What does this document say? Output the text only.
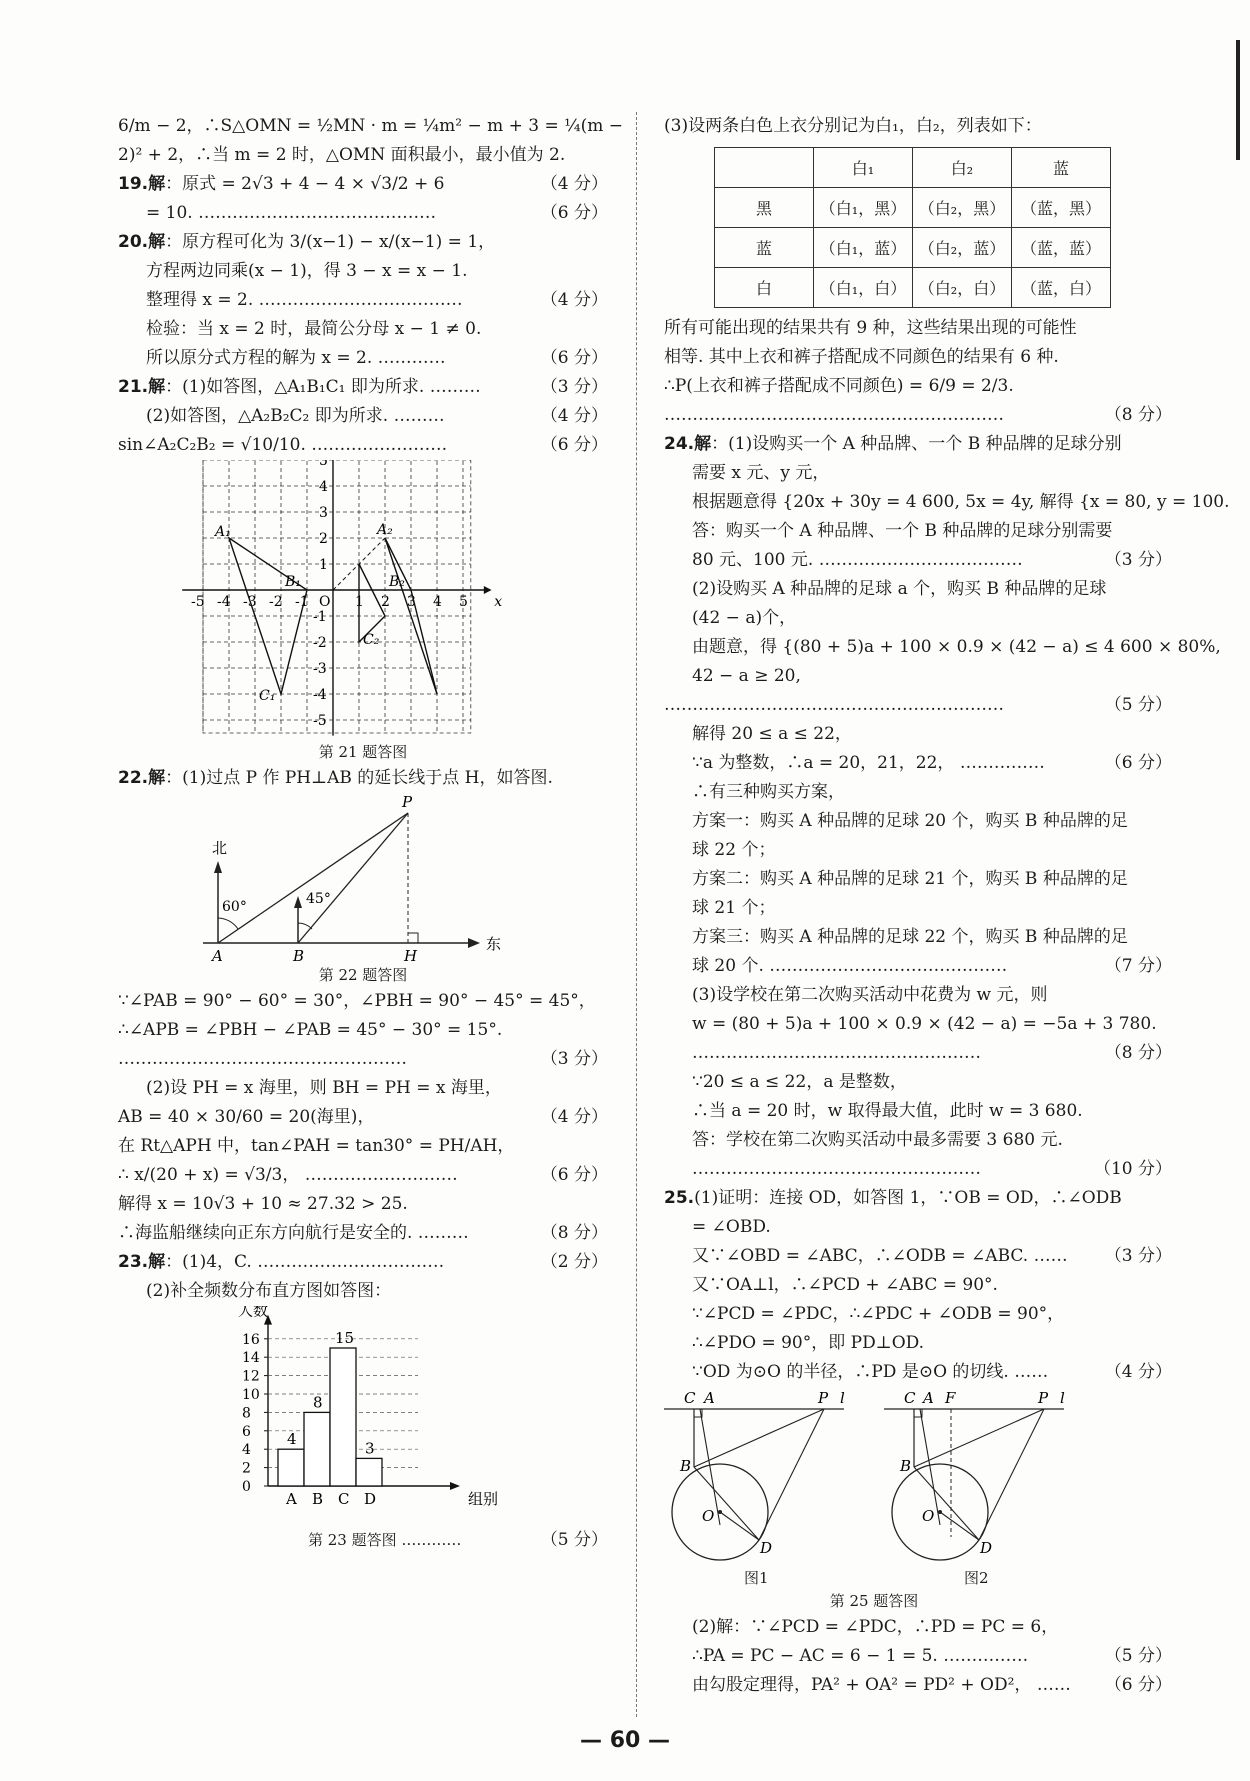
6/m − 2，∴S△OMN = ½MN · m = ¼m² − m + 3 = ¼(m −
2)² + 2，∴当 m = 2 时，△OMN 面积最小，最小值为 2.
19.解：原式 = 2√3 + 4 − 4 × √3/2 + 6	（4 分）
= 10. ……………………………………	（6 分）
20.解：原方程可化为 3/(x−1) − x/(x−1) = 1，
方程两边同乘(x − 1)，得 3 − x = x − 1.
整理得 x = 2. ………………………………	（4 分）
检验：当 x = 2 时，最简公分母 x − 1 ≠ 0.
所以原分式方程的解为 x = 2. …………	（6 分）
21.解：(1)如答图，△A₁B₁C₁ 即为所求. ………	（3 分）
(2)如答图，△A₂B₂C₂ 即为所求. ………	（4 分）
sin∠A₂C₂B₂ = √10/10. ……………………	（6 分）
x
-5 -4 -3 -2 -1 O 1 2 3 4 5
5
4
3
2
1
-1
-2
-3
-4
-5
A₁
B₁
C₁
A₂
B₂
C₂
第 21 题答图
22.解：(1)过点 P 作 PH⊥AB 的延长线于点 H，如答图.
北
东
60°	45°
A	B	H
P
第 22 题答图
∵∠PAB = 90° − 60° = 30°，∠PBH = 90° − 45° = 45°，
∴∠APB = ∠PBH − ∠PAB = 45° − 30° = 15°.
……………………………………………	（3 分）
(2)设 PH = x 海里，则 BH = PH = x 海里，
AB = 40 × 30/60 = 20(海里)，	（4 分）
在 Rt△APH 中，tan∠PAH = tan30° = PH/AH，
∴ x/(20 + x) = √3/3， ………………………	（6 分）
解得 x = 10√3 + 10 ≈ 27.32 > 25.
∴海监船继续向正东方向航行是安全的. ………	（8 分）
23.解：(1)4，C. ……………………………	（2 分）
(2)补全频数分布直方图如答图：
0
2
4
6
8
10
12
14
16
人数
组别
4
A
8
B
15
C
3
D
第 23 题答图 …………	（5 分）
(3)设两条白色上衣分别记为白₁，白₂，列表如下：
	白₁	白₂	蓝
黑	（白₁，黑）	（白₂，黑）	（蓝，黑）
蓝	（白₁，蓝）	（白₂，蓝）	（蓝，蓝）
白	（白₁，白）	（白₂，白）	（蓝，白）
所有可能出现的结果共有 9 种，这些结果出现的可能性
相等. 其中上衣和裤子搭配成不同颜色的结果有 6 种.
∴P(上衣和裤子搭配成不同颜色) = 6/9 = 2/3.
……………………………………………………	（8 分）
24.解：(1)设购买一个 A 种品牌、一个 B 种品牌的足球分别
需要 x 元、y 元，
根据题意得 {20x + 30y = 4 600, 5x = 4y, 解得 {x = 80, y = 100.
答：购买一个 A 种品牌、一个 B 种品牌的足球分别需要
80 元、100 元. ………………………………	（3 分）
(2)设购买 A 种品牌的足球 a 个，购买 B 种品牌的足球
(42 − a)个，
由题意，得 {(80 + 5)a + 100 × 0.9 × (42 − a) ≤ 4 600 × 80%,
42 − a ≥ 20,
……………………………………………………	（5 分）
解得 20 ≤ a ≤ 22，
∵a 为整数，∴a = 20，21，22， ……………	（6 分）
∴有三种购买方案，
方案一：购买 A 种品牌的足球 20 个，购买 B 种品牌的足
球 22 个；
方案二：购买 A 种品牌的足球 21 个，购买 B 种品牌的足
球 21 个；
方案三：购买 A 种品牌的足球 22 个，购买 B 种品牌的足
球 20 个. ……………………………………	（7 分）
(3)设学校在第二次购买活动中花费为 w 元，则
w = (80 + 5)a + 100 × 0.9 × (42 − a) = −5a + 3 780.
……………………………………………	（8 分）
∵20 ≤ a ≤ 22，a 是整数，
∴当 a = 20 时，w 取得最大值，此时 w = 3 680.
答：学校在第二次购买活动中最多需要 3 680 元.
……………………………………………	（10 分）
25.(1)证明：连接 OD，如答图 1，∵OB = OD，∴∠ODB
= ∠OBD.
又∵∠OBD = ∠ABC，∴∠ODB = ∠ABC. …… （3 分）
又∵OA⊥l，∴∠PCD + ∠ABC = 90°.
∵∠PCD = ∠PDC，∴∠PDC + ∠ODB = 90°，
∴∠PDO = 90°，即 PD⊥OD.
∵OD 为⊙O 的半径，∴PD 是⊙O 的切线. ……	（4 分）
C A	P l
B
O
D
C A F	P l
B
O
D
图1	图2
第 25 题答图
(2)解：∵∠PCD = ∠PDC，∴PD = PC = 6，
∴PA = PC − AC = 6 − 1 = 5. ……………	（5 分）
由勾股定理得，PA² + OA² = PD² + OD²， …… （6 分）
— 60 —
